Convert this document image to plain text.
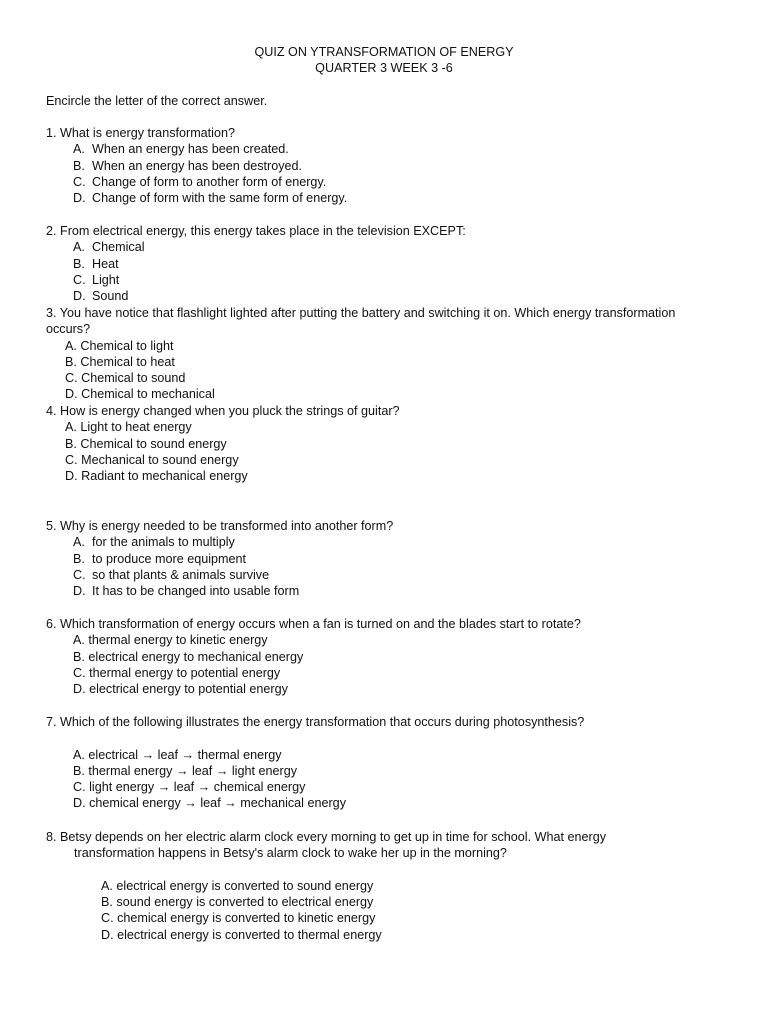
QUIZ ON YTRANSFORMATION OF ENERGY
QUARTER 3 WEEK 3 -6
Encircle the letter of the correct answer.
1. What is energy transformation?
A. When an energy has been created.
B. When an energy has been destroyed.
C. Change of form to another form of energy.
D. Change of form with the same form of energy.
2. From electrical energy, this energy takes place in the television EXCEPT:
A. Chemical
B. Heat
C. Light
D. Sound
3. You have notice that flashlight lighted after putting the battery and switching it on. Which energy transformation occurs?
A. Chemical to light
B. Chemical to heat
C. Chemical to sound
D. Chemical to mechanical
4. How is energy changed when you pluck the strings of guitar?
A. Light to heat energy
B. Chemical to sound energy
C. Mechanical to sound energy
D. Radiant to mechanical energy
5. Why is energy needed to be transformed into another form?
A. for the animals to multiply
B. to produce more equipment
C. so that plants & animals survive
D. It has to be changed into usable form
6. Which transformation of energy occurs when a fan is turned on and the blades start to rotate?
A. thermal energy to kinetic energy
B. electrical energy to mechanical energy
C. thermal energy to potential energy
D. electrical energy to potential energy
7. Which of the following illustrates the energy transformation that occurs during photosynthesis?
A. electrical → leaf → thermal energy
B. thermal energy → leaf → light energy
C. light energy → leaf → chemical energy
D. chemical energy → leaf → mechanical energy
8. Betsy depends on her electric alarm clock every morning to get up in time for school. What energy
transformation happens in Betsy's alarm clock to wake her up in the morning?
A. electrical energy is converted to sound energy
B. sound energy is converted to electrical energy
C. chemical energy is converted to kinetic energy
D. electrical energy is converted to thermal energy
